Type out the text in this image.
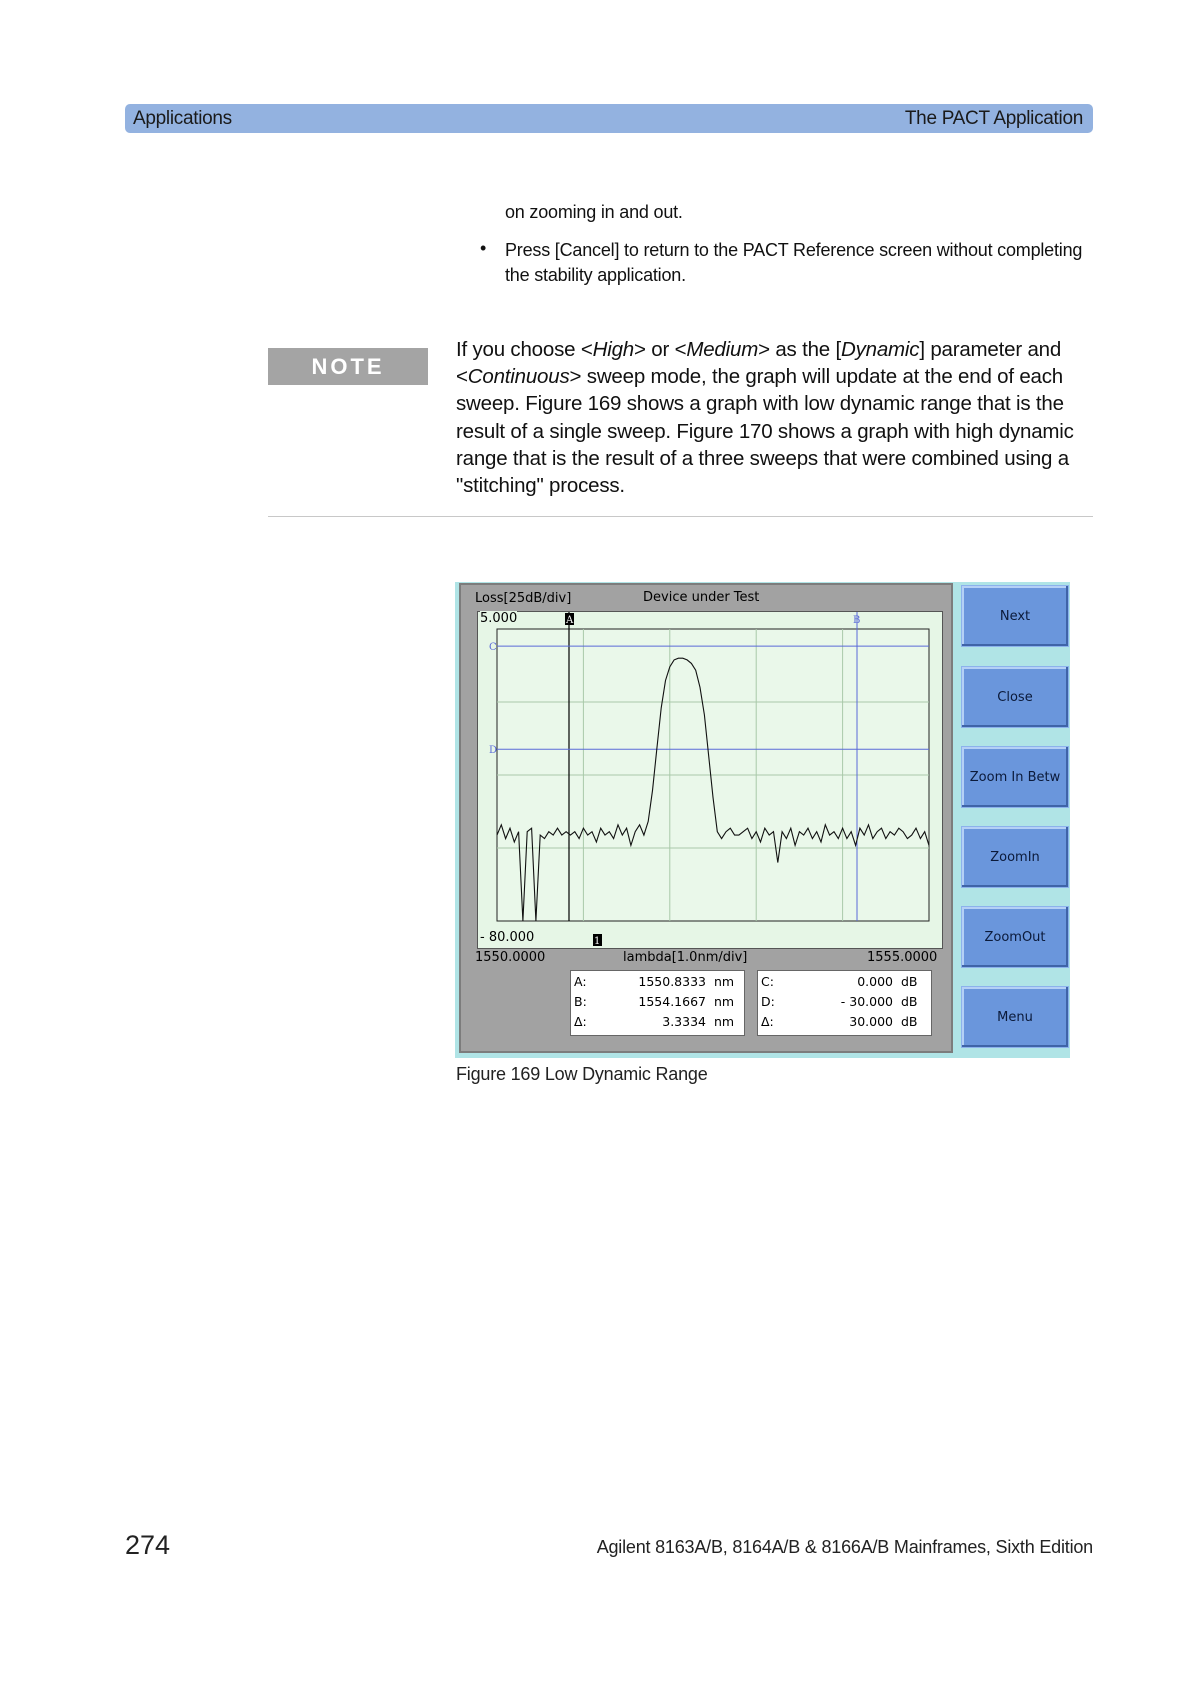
Applications	The PACT Application
on zooming in and out.
• Press [Cancel] to return to the PACT Reference screen without completing the stability application.
NOTE
If you choose <High> or <Medium> as the [Dynamic] parameter and
<Continuous> sweep mode, the graph will update at the end of each sweep. Figure 169 shows a graph with low dynamic range that is the result of a single sweep. Figure 170 shows a graph with high dynamic range that is the result of a three sweeps that were combined using a "stitching" process.
Loss[25dB/div]	Device under Test
A	B
C
D
1
5.000
- 80.000
1550.0000	lambda[1.0nm/div]	1555.0000
A:	1550.8333 nm
B:	1554.1667 nm
Δ:	3.3334 nm
C:	0.000 dB
D:	- 30.000 dB
Δ:	30.000 dB
Next
Close
Zoom In Betw
ZoomIn
ZoomOut
Menu
Figure 169 Low Dynamic Range
274	Agilent 8163A/B, 8164A/B & 8166A/B Mainframes, Sixth Edition
